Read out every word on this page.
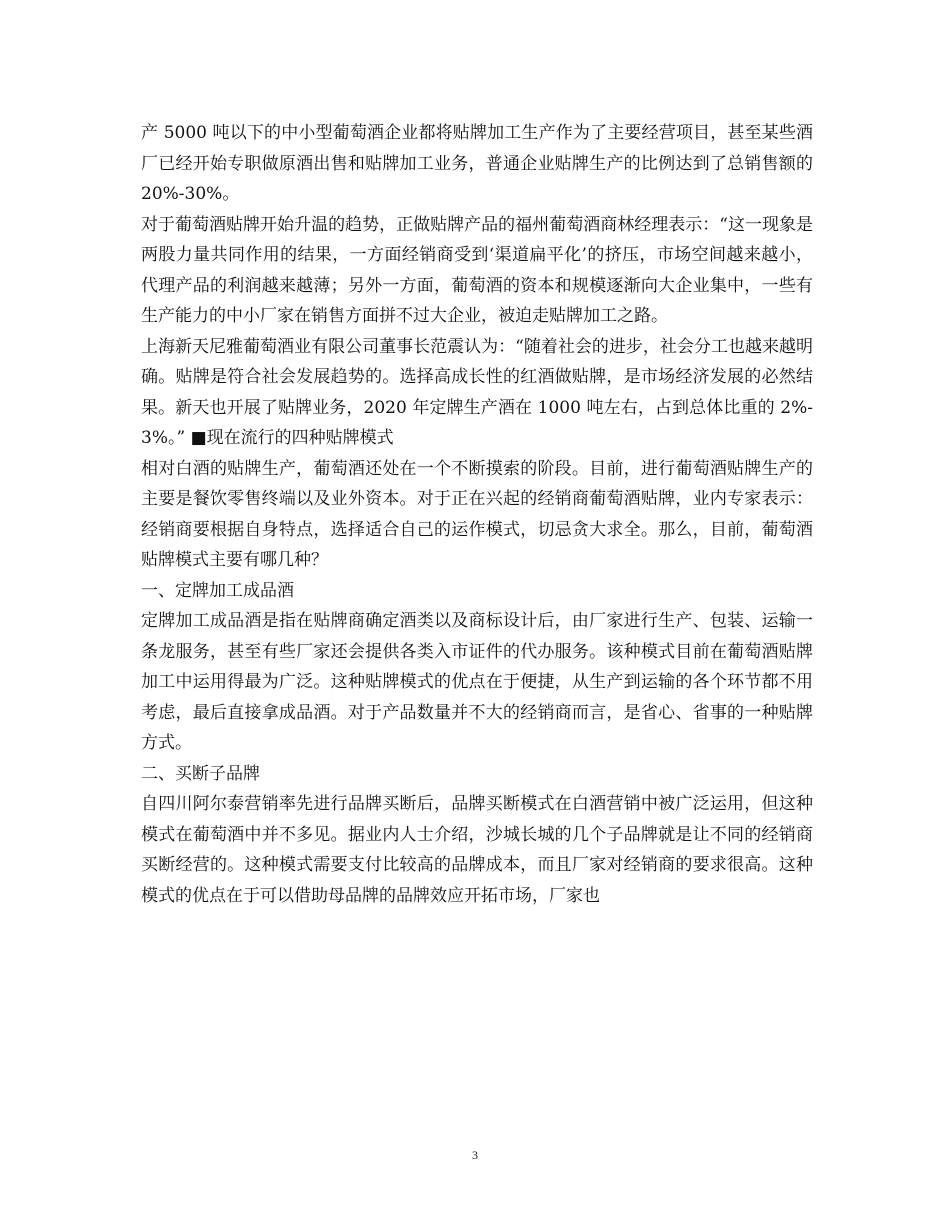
产 5000 吨以下的中小型葡萄酒企业都将贴牌加工生产作为了主要经营项目，甚至某些酒厂已经开始专职做原酒出售和贴牌加工业务，普通企业贴牌生产的比例达到了总销售额的 20%-30%。

对于葡萄酒贴牌开始升温的趋势，正做贴牌产品的福州葡萄酒商林经理表示：“这一现象是两股力量共同作用的结果，一方面经销商受到‘渠道扁平化’的挤压，市场空间越来越小，代理产品的利润越来越薄；另外一方面，葡萄酒的资本和规模逐渐向大企业集中，一些有生产能力的中小厂家在销售方面拼不过大企业，被迫走贴牌加工之路。

上海新天尼雅葡萄酒业有限公司董事长范震认为：“随着社会的进步，社会分工也越来越明确。贴牌是符合社会发展趋势的。选择高成长性的红酒做贴牌，是市场经济发展的必然结果。新天也开展了贴牌业务，2020 年定牌生产酒在 1000 吨左右，占到总体比重的 2%-3%。” ■现在流行的四种贴牌模式

相对白酒的贴牌生产，葡萄酒还处在一个不断摸索的阶段。目前，进行葡萄酒贴牌生产的主要是餐饮零售终端以及业外资本。对于正在兴起的经销商葡萄酒贴牌，业内专家表示：经销商要根据自身特点，选择适合自己的运作模式，切忌贪大求全。那么，目前，葡萄酒贴牌模式主要有哪几种？

一、定牌加工成品酒

定牌加工成品酒是指在贴牌商确定酒类以及商标设计后，由厂家进行生产、包装、运输一条龙服务，甚至有些厂家还会提供各类入市证件的代办服务。该种模式目前在葡萄酒贴牌加工中运用得最为广泛。这种贴牌模式的优点在于便捷，从生产到运输的各个环节都不用考虑，最后直接拿成品酒。对于产品数量并不大的经销商而言，是省心、省事的一种贴牌方式。

二、买断子品牌

自四川阿尔泰营销率先进行品牌买断后，品牌买断模式在白酒营销中被广泛运用，但这种模式在葡萄酒中并不多见。据业内人士介绍，沙城长城的几个子品牌就是让不同的经销商买断经营的。这种模式需要支付比较高的品牌成本，而且厂家对经销商的要求很高。这种模式的优点在于可以借助母品牌的品牌效应开拓市场，厂家也

3
